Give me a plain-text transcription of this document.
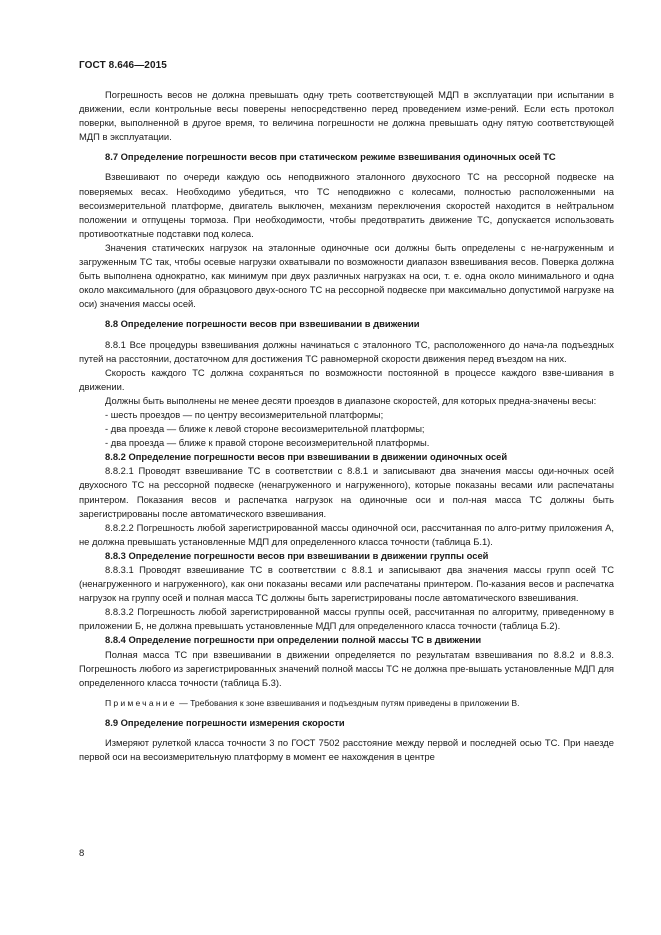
ГОСТ 8.646—2015

Погрешность весов не должна превышать одну треть соответствующей МДП в эксплуатации при испытании в движении, если контрольные весы поверены непосредственно перед проведением изме-рений. Если есть протокол поверки, выполненной в другое время, то величина погрешности не должна превышать одну пятую соответствующей МДП в эксплуатации.

8.7 Определение погрешности весов при статическом режиме взвешивания одиночных осей ТС

Взвешивают по очереди каждую ось неподвижного эталонного двухосного ТС на рессорной подвеске на поверяемых весах. Необходимо убедиться, что ТС неподвижно с колесами, полностью расположенными на весоизмерительной платформе, двигатель выключен, механизм переключения скоростей находится в нейтральном положении и отпущены тормоза. При необходимости, чтобы предотвратить движение ТС, допускается использовать противооткатные подставки под колеса.

Значения статических нагрузок на эталонные одиночные оси должны быть определены с не-нагруженным и загруженным ТС так, чтобы осевые нагрузки охватывали по возможности диапазон взвешивания весов. Поверка должна быть выполнена однократно, как минимум при двух различных нагрузках на оси, т. е. одна около минимального и одна около максимального (для образцового двух-осного ТС на рессорной подвеске при максимально допустимой нагрузке на оси) значения массы осей.

8.8 Определение погрешности весов при взвешивании в движении

8.8.1 Все процедуры взвешивания должны начинаться с эталонного ТС, расположенного до нача-ла подъездных путей на расстоянии, достаточном для достижения ТС равномерной скорости движения перед въездом на них.

Скорость каждого ТС должна сохраняться по возможности постоянной в процессе каждого взве-шивания в движении.

Должны быть выполнены не менее десяти проездов в диапазоне скоростей, для которых предна-значены весы:

- шесть проездов — по центру весоизмерительной платформы;

- два проезда — ближе к левой стороне весоизмерительной платформы;

- два проезда — ближе к правой стороне весоизмерительной платформы.

8.8.2 Определение погрешности весов при взвешивании в движении одиночных осей

8.8.2.1 Проводят взвешивание ТС в соответствии с 8.8.1 и записывают два значения массы оди-ночных осей двухосного ТС на рессорной подвеске (ненагруженного и нагруженного), которые показаны весами или распечатаны принтером. Показания весов и распечатка нагрузок на одиночные оси и пол-ная масса ТС должны быть зарегистрированы после автоматического взвешивания.

8.8.2.2 Погрешность любой зарегистрированной массы одиночной оси, рассчитанная по алго-ритму приложения А, не должна превышать установленные МДП для определенного класса точности (таблица Б.1).

8.8.3 Определение погрешности весов при взвешивании в движении группы осей

8.8.3.1 Проводят взвешивание ТС в соответствии с 8.8.1 и записывают два значения массы групп осей ТС (ненагруженного и нагруженного), как они показаны весами или распечатаны принтером. По-казания весов и распечатка нагрузок на группу осей и полная масса ТС должны быть зарегистрированы после автоматического взвешивания.

8.8.3.2 Погрешность любой зарегистрированной массы группы осей, рассчитанная по алгоритму, приведенному в приложении Б, не должна превышать установленные МДП для определенного класса точности (таблица Б.2).

8.8.4 Определение погрешности при определении полной массы ТС в движении

Полная масса ТС при взвешивании в движении определяется по результатам взвешивания по 8.8.2 и 8.8.3. Погрешность любого из зарегистрированных значений полной массы ТС не должна пре-вышать установленные МДП для определенного класса точности (таблица Б.3).

Примечание — Требования к зоне взвешивания и подъездным путям приведены в приложении В.

8.9 Определение погрешности измерения скорости

Измеряют рулеткой класса точности 3 по ГОСТ 7502 расстояние между первой и последней осью ТС. При наезде первой оси на весоизмерительную платформу в момент ее нахождения в центре

8
